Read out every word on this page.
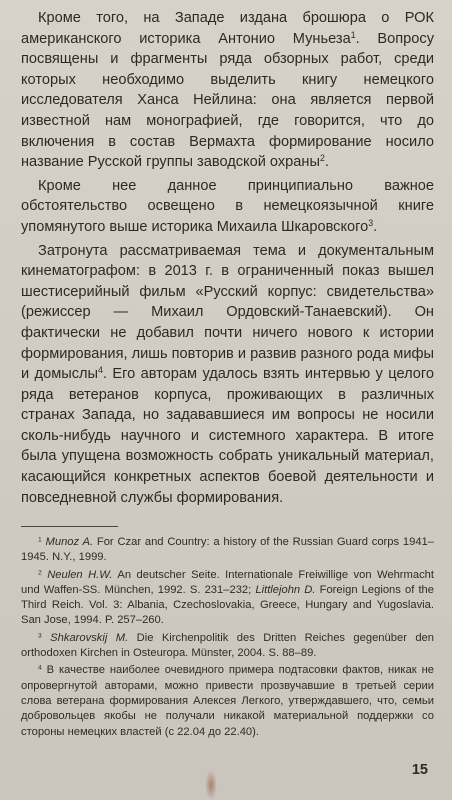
Кроме того, на Западе издана брошюра о РОК американского историка Антонио Муньеза$^1$. Вопросу посвящены и фрагменты ряда обзорных работ, среди которых необходимо выделить книгу немецкого исследователя Ханса Нейлина: она является первой известной нам монографией, где говорится, что до включения в состав Вермахта формирование носило название Русской группы заводской охраны$^2$.

Кроме нее данное принципиально важное обстоятельство освещено в немецкоязычной книге упомянутого выше историка Михаила Шкаровского$^3$.

Затронута рассматриваемая тема и документальным кинематографом: в 2013 г. в ограниченный показ вышел шестисерийный фильм «Русский корпус: свидетельства» (режиссер — Михаил Ордовский-Танаевский). Он фактически не добавил почти ничего нового к истории формирования, лишь повторив и развив разного рода мифы и домыслы$^4$. Его авторам удалось взять интервью у целого ряда ветеранов корпуса, проживающих в различных странах Запада, но задававшиеся им вопросы не носили сколь-нибудь научного и системного характера. В итоге была упущена возможность собрать уникальный материал, касающийся конкретных аспектов боевой деятельности и повседневной службы формирования.

$^1$ Munoz A. For Czar and Country: a history of the Russian Guard corps 1941–1945. N.Y., 1999.

$^2$ Neulen H.W. An deutscher Seite. Internationale Freiwillige von Wehrmacht und Waffen-SS. München, 1992. S. 231–232; Littlejohn D. Foreign Legions of the Third Reich. Vol. 3: Albania, Czechoslovakia, Greece, Hungary and Yugoslavia. San Jose, 1994. P. 257–260.

$^3$ Shkarovskij M. Die Kirchenpolitik des Dritten Reiches gegenüber den orthodoxen Kirchen in Osteuropa. Münster, 2004. S. 88–89.

$^4$ В качестве наиболее очевидного примера подтасовки фактов, никак не опровергнутой авторами, можно привести прозвучавшие в третьей серии слова ветерана формирования Алексея Легкого, утверждавшего, что, семьи добровольцев якобы не получали никакой материальной поддержки со стороны немецких властей (с 22.04 до 22.40).

15
